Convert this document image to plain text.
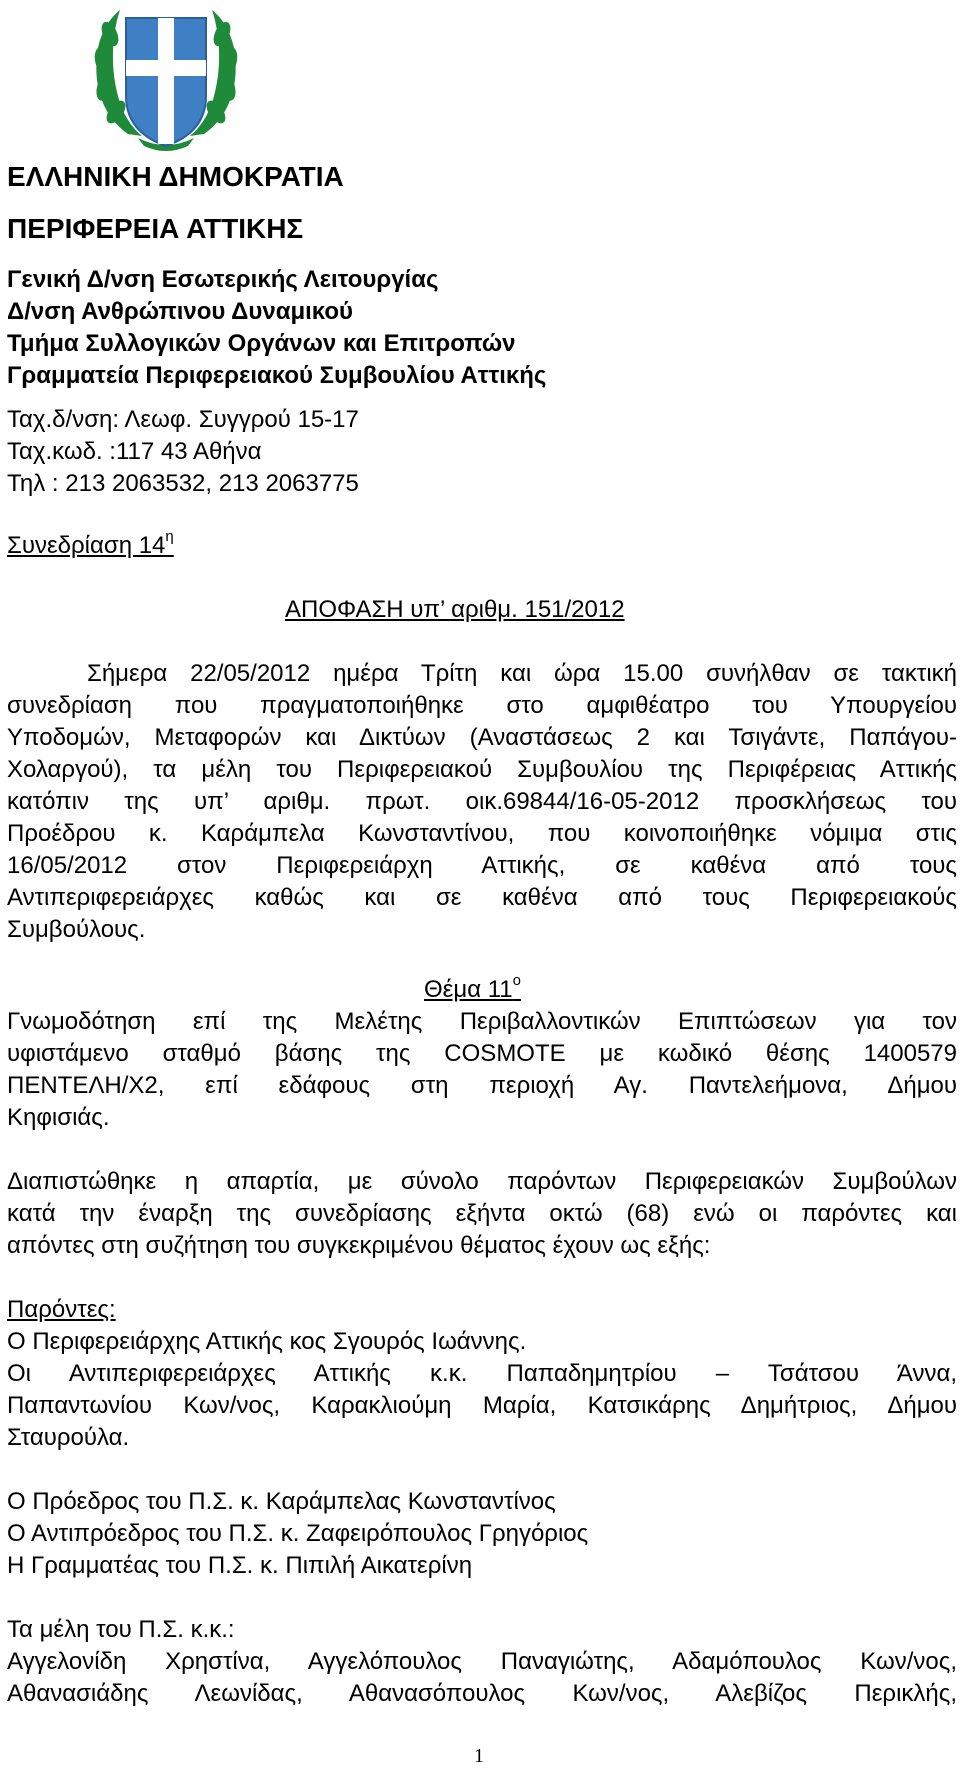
ΕΛΛΗΝΙΚΗ ΔΗΜΟΚΡΑΤΙΑ
ΠΕΡΙΦΕΡΕΙΑ ΑΤΤΙΚΗΣ
Γενική Δ/νση Εσωτερικής Λειτουργίας
Δ/νση Ανθρώπινου Δυναμικού
Τμήμα Συλλογικών Οργάνων και Επιτροπών
Γραμματεία Περιφερειακού Συμβουλίου Αττικής
Ταχ.δ/νση: Λεωφ. Συγγρού 15-17
Ταχ.κωδ. :117 43 Αθήνα
Τηλ : 213 2063532, 213 2063775
Συνεδρίαση $14^\eta$
ΑΠΟΦΑΣΗ υπ’ αριθμ. 151/2012
Σήμερα 22/05/2012 ημέρα Τρίτη και ώρα 15.00 συνήλθαν σε τακτική
συνεδρίαση που πραγματοποιήθηκε στο αμφιθέατρο του Υπουργείου
Υποδομών, Μεταφορών και Δικτύων (Αναστάσεως 2 και Τσιγάντε, Παπάγου-
Χολαργού), τα μέλη του Περιφερειακού Συμβουλίου της Περιφέρειας Αττικής
κατόπιν της υπ’ αριθμ. πρωτ. οικ.69844/16-05-2012 προσκλήσεως του
Προέδρου κ. Καράμπελα Κωνσταντίνου, που κοινοποιήθηκε νόμιμα στις
16/05/2012 στον Περιφερειάρχη Αττικής, σε καθένα από τους
Αντιπεριφερειάρχες καθώς και σε καθένα από τους Περιφερειακούς
Συμβούλους.
Θέμα $11^o$
Γνωμοδότηση επί της Μελέτης Περιβαλλοντικών Επιπτώσεων για τον
υφιστάμενο σταθμό βάσης της COSMOTE με κωδικό θέσης 1400579
ΠΕΝΤΕΛΗ/Χ2, επί εδάφους στη περιοχή Αγ. Παντελεήμονα, Δήμου
Κηφισιάς.
Διαπιστώθηκε η απαρτία, με σύνολο παρόντων Περιφερειακών Συμβούλων
κατά την έναρξη της συνεδρίασης εξήντα οκτώ (68) ενώ οι παρόντες και
απόντες στη συζήτηση του συγκεκριμένου θέματος έχουν ως εξής:
Παρόντες:
Ο Περιφερειάρχης Αττικής κος Σγουρός Ιωάννης.
Οι Αντιπεριφερειάρχες Αττικής κ.κ. Παπαδημητρίου – Τσάτσου Άννα,
Παπαντωνίου Κων/νος, Καρακλιούμη Μαρία, Κατσικάρης Δημήτριος, Δήμου
Σταυρούλα.
Ο Πρόεδρος του Π.Σ. κ. Καράμπελας Κωνσταντίνος
Ο Αντιπρόεδρος του Π.Σ. κ. Ζαφειρόπουλος Γρηγόριος
Η Γραμματέας του Π.Σ. κ. Πιπιλή Αικατερίνη
Τα μέλη του Π.Σ. κ.κ.:
Αγγελονίδη Χρηστίνα, Αγγελόπουλος Παναγιώτης, Αδαμόπουλος Κων/νος,
Αθανασιάδης Λεωνίδας, Αθανασόπουλος Κων/νος, Αλεβίζος Περικλής,
1
